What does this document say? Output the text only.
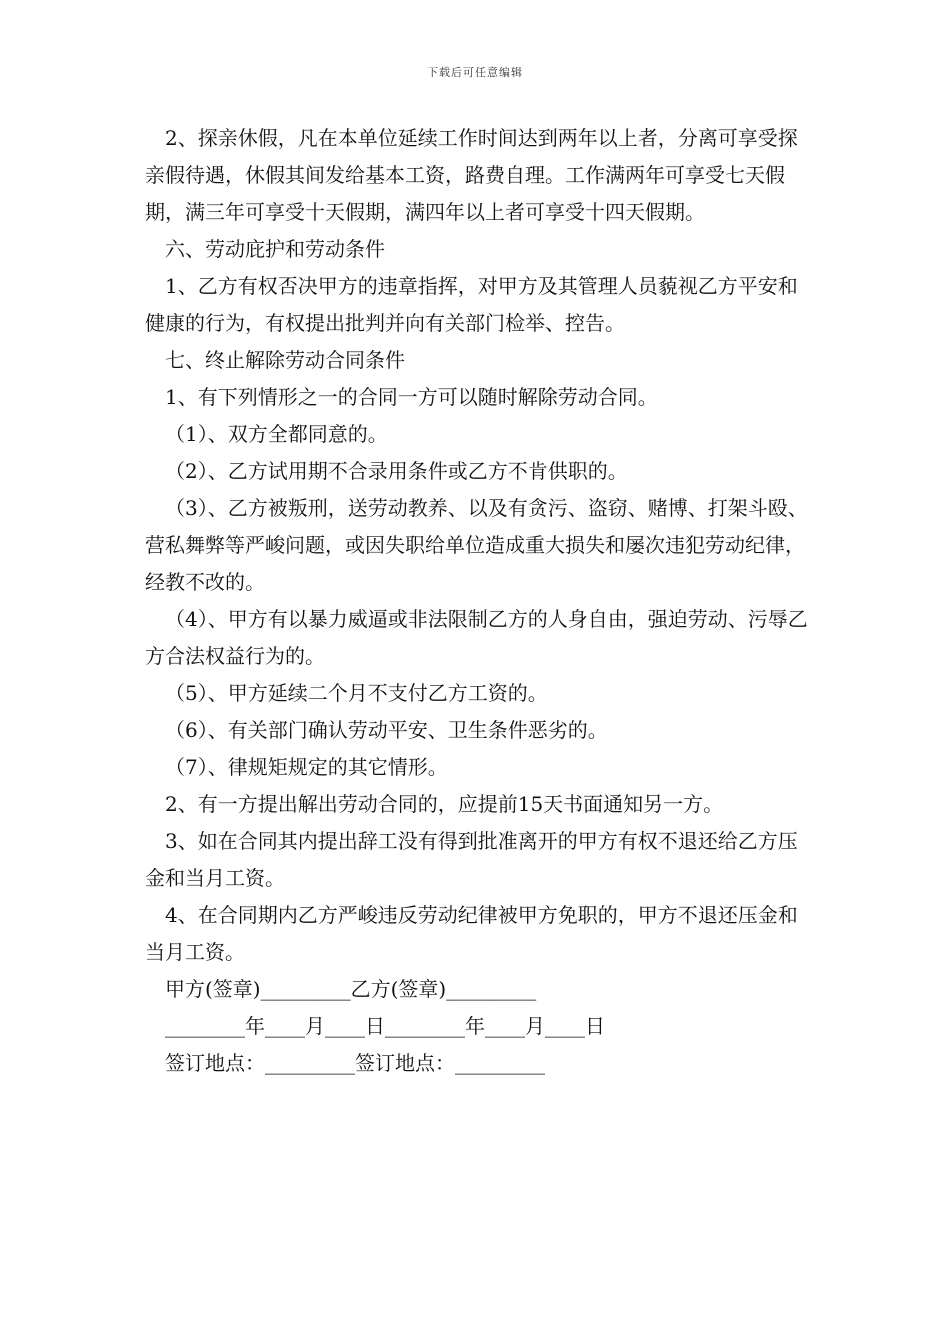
下载后可任意编辑

2、探亲休假，凡在本单位延续工作时间达到两年以上者，分离可享受探亲假待遇，休假其间发给基本工资，路费自理。工作满两年可享受七天假期，满三年可享受十天假期，满四年以上者可享受十四天假期。

六、劳动庇护和劳动条件

1、乙方有权否决甲方的违章指挥，对甲方及其管理人员藐视乙方平安和健康的行为，有权提出批判并向有关部门检举、控告。

七、终止解除劳动合同条件

1、有下列情形之一的合同一方可以随时解除劳动合同。

（1）、双方全都同意的。

（2）、乙方试用期不合录用条件或乙方不肯供职的。

（3）、乙方被叛刑，送劳动教养、以及有贪污、盗窃、赌博、打架斗殴、营私舞弊等严峻问题，或因失职给单位造成重大损失和屡次违犯劳动纪律，经教不改的。

（4）、甲方有以暴力威逼或非法限制乙方的人身自由，强迫劳动、污辱乙方合法权益行为的。

（5）、甲方延续二个月不支付乙方工资的。

（6）、有关部门确认劳动平安、卫生条件恶劣的。

（7）、律规矩规定的其它情形。

2、有一方提出解出劳动合同的，应提前15天书面通知另一方。

3、如在合同其内提出辞工没有得到批准离开的甲方有权不退还给乙方压金和当月工资。

4、在合同期内乙方严峻违反劳动纪律被甲方免职的，甲方不退还压金和当月工资。

甲方(签章)_________乙方(签章)_________

________年____月____日________年____月____日

签订地点：_________签订地点：_________
